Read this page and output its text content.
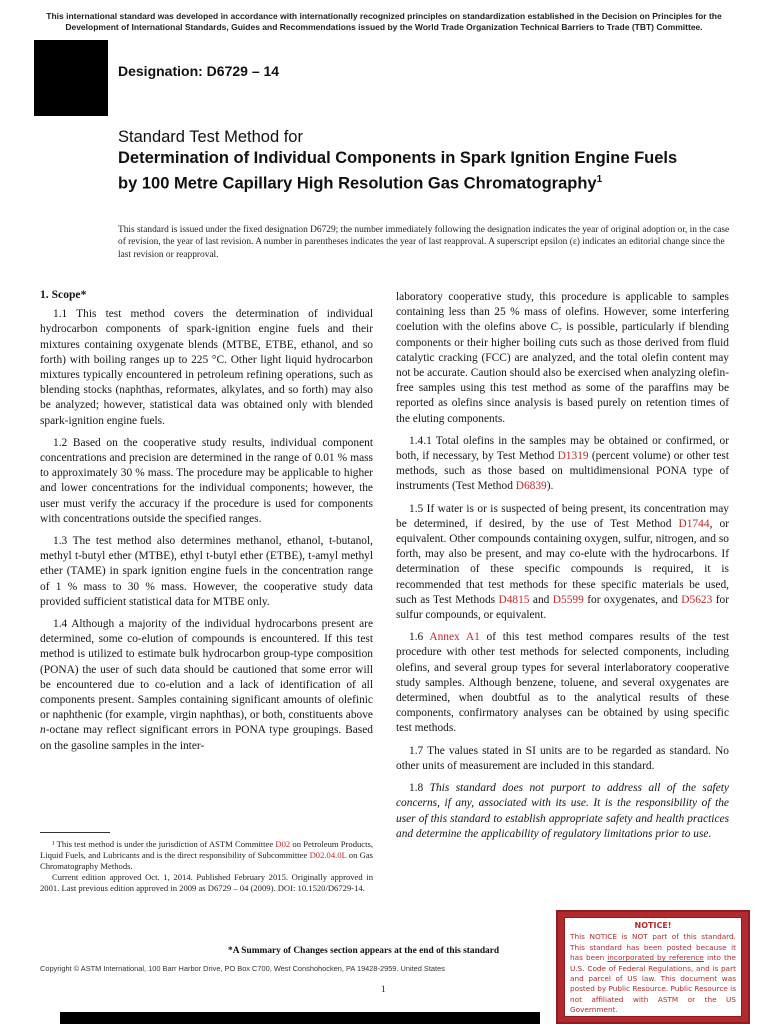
This international standard was developed in accordance with internationally recognized principles on standardization established in the Decision on Principles for the Development of International Standards, Guides and Recommendations issued by the World Trade Organization Technical Barriers to Trade (TBT) Committee.
Designation: D6729 – 14
Standard Test Method for
Determination of Individual Components in Spark Ignition Engine Fuels by 100 Metre Capillary High Resolution Gas Chromatography$^1$
This standard is issued under the fixed designation D6729; the number immediately following the designation indicates the year of original adoption or, in the case of revision, the year of last revision. A number in parentheses indicates the year of last reapproval. A superscript epsilon (ε) indicates an editorial change since the last revision or reapproval.
1. Scope*

1.1 This test method covers the determination of individual hydrocarbon components of spark-ignition engine fuels and their mixtures containing oxygenate blends (MTBE, ETBE, ethanol, and so forth) with boiling ranges up to 225 °C. Other light liquid hydrocarbon mixtures typically encountered in petroleum refining operations, such as blending stocks (naphthas, reformates, alkylates, and so forth) may also be analyzed; however, statistical data was obtained only with blended spark-ignition engine fuels.

1.2 Based on the cooperative study results, individual component concentrations and precision are determined in the range of 0.01 % mass to approximately 30 % mass. The procedure may be applicable to higher and lower concentrations for the individual components; however, the user must verify the accuracy if the procedure is used for components with concentrations outside the specified ranges.

1.3 The test method also determines methanol, ethanol, t-butanol, methyl t-butyl ether (MTBE), ethyl t-butyl ether (ETBE), t-amyl methyl ether (TAME) in spark ignition engine fuels in the concentration range of 1 % mass to 30 % mass. However, the cooperative study data provided sufficient statistical data for MTBE only.

1.4 Although a majority of the individual hydrocarbons present are determined, some co-elution of compounds is encountered. If this test method is utilized to estimate bulk hydrocarbon group-type composition (PONA) the user of such data should be cautioned that some error will be encountered due to co-elution and a lack of identification of all components present. Samples containing significant amounts of olefinic or naphthenic (for example, virgin naphthas), or both, constituents above n-octane may reflect significant errors in PONA type groupings. Based on the gasoline samples in the inter-

laboratory cooperative study, this procedure is applicable to samples containing less than 25 % mass of olefins. However, some interfering coelution with the olefins above C₇ is possible, particularly if blending components or their higher boiling cuts such as those derived from fluid catalytic cracking (FCC) are analyzed, and the total olefin content may not be accurate. Caution should also be exercised when analyzing olefin-free samples using this test method as some of the paraffins may be reported as olefins since analysis is based purely on retention times of the eluting components.

1.4.1 Total olefins in the samples may be obtained or confirmed, or both, if necessary, by Test Method D1319 (percent volume) or other test methods, such as those based on multidimensional PONA type of instruments (Test Method D6839).

1.5 If water is or is suspected of being present, its concentration may be determined, if desired, by the use of Test Method D1744, or equivalent. Other compounds containing oxygen, sulfur, nitrogen, and so forth, may also be present, and may co-elute with the hydrocarbons. If determination of these specific compounds is required, it is recommended that test methods for these specific materials be used, such as Test Methods D4815 and D5599 for oxygenates, and D5623 for sulfur compounds, or equivalent.

1.6 Annex A1 of this test method compares results of the test procedure with other test methods for selected components, including olefins, and several group types for several interlaboratory cooperative study samples. Although benzene, toluene, and several oxygenates are determined, when doubtful as to the analytical results of these components, confirmatory analyses can be obtained by using specific test methods.

1.7 The values stated in SI units are to be regarded as standard. No other units of measurement are included in this standard.

1.8 This standard does not purport to address all of the safety concerns, if any, associated with its use. It is the responsibility of the user of this standard to establish appropriate safety and health practices and determine the applicability of regulatory limitations prior to use.

¹ This test method is under the jurisdiction of ASTM Committee D02 on Petroleum Products, Liquid Fuels, and Lubricants and is the direct responsibility of Subcommittee D02.04.0L on Gas Chromatography Methods.

Current edition approved Oct. 1, 2014. Published February 2015. Originally approved in 2001. Last previous edition approved in 2009 as D6729 – 04 (2009). DOI: 10.1520/D6729-14.

*A Summary of Changes section appears at the end of this standard
Copyright © ASTM International, 100 Barr Harbor Drive, PO Box C700, West Conshohocken, PA 19428-2959. United States
1
NOTICE!
This NOTICE is NOT part of this standard. This standard has been posted because it has been incorporated by reference into the U.S. Code of Federal Regulations, and is part and parcel of US law. This document was posted by Public Resource. Public Resource is not affiliated with ASTM or the US Government.
